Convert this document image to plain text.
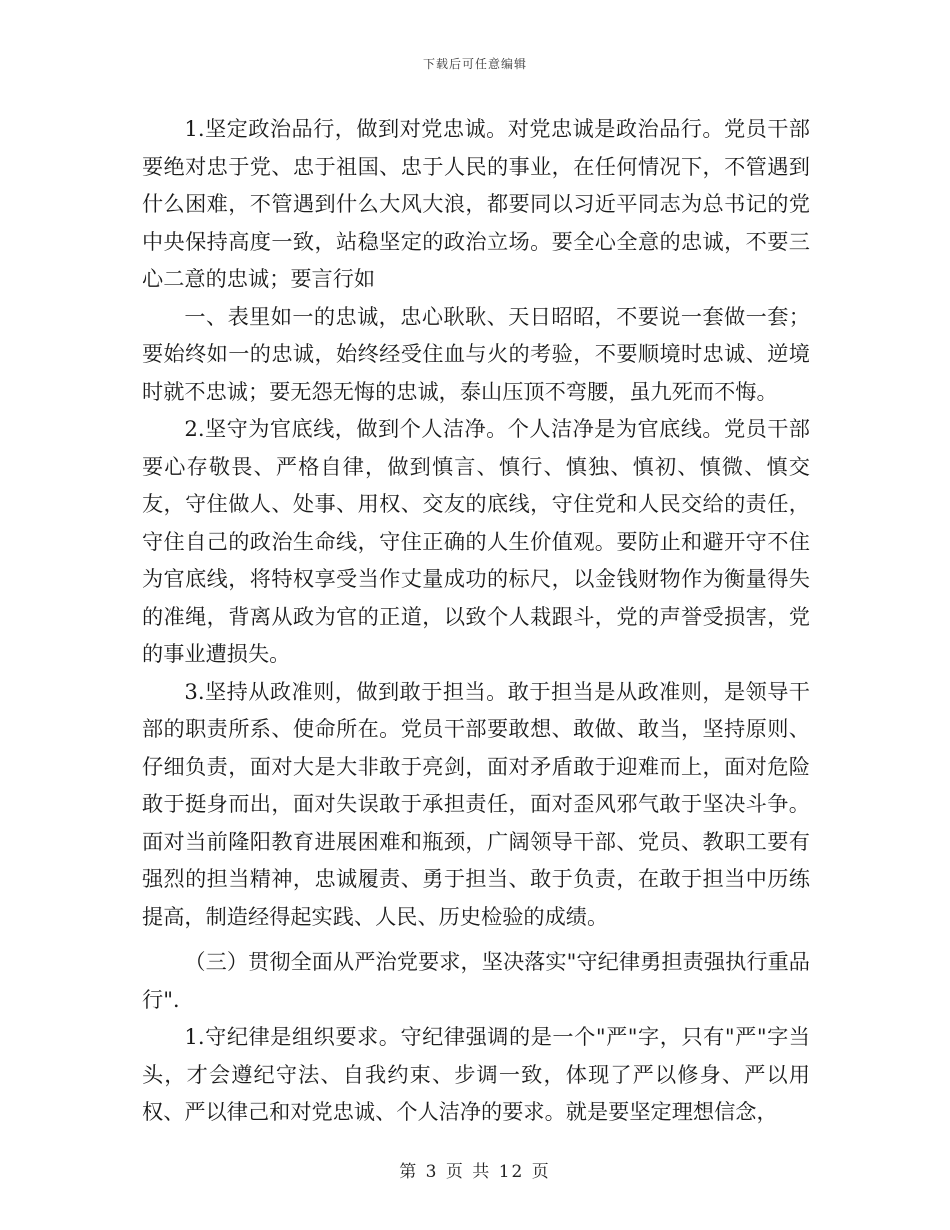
下载后可任意编辑

1.坚定政治品行，做到对党忠诚。对党忠诚是政治品行。党员干部要绝对忠于党、忠于祖国、忠于人民的事业，在任何情况下，不管遇到什么困难，不管遇到什么大风大浪，都要同以习近平同志为总书记的党中央保持高度一致，站稳坚定的政治立场。要全心全意的忠诚，不要三心二意的忠诚；要言行如

一、表里如一的忠诚，忠心耿耿、天日昭昭，不要说一套做一套；要始终如一的忠诚，始终经受住血与火的考验，不要顺境时忠诚、逆境时就不忠诚；要无怨无悔的忠诚，泰山压顶不弯腰，虽九死而不悔。

2.坚守为官底线，做到个人洁净。个人洁净是为官底线。党员干部要心存敬畏、严格自律，做到慎言、慎行、慎独、慎初、慎微、慎交友，守住做人、处事、用权、交友的底线，守住党和人民交给的责任，守住自己的政治生命线，守住正确的人生价值观。要防止和避开守不住为官底线，将特权享受当作丈量成功的标尺，以金钱财物作为衡量得失的准绳，背离从政为官的正道，以致个人栽跟斗，党的声誉受损害，党的事业遭损失。

3.坚持从政准则，做到敢于担当。敢于担当是从政准则，是领导干部的职责所系、使命所在。党员干部要敢想、敢做、敢当，坚持原则、仔细负责，面对大是大非敢于亮剑，面对矛盾敢于迎难而上，面对危险敢于挺身而出，面对失误敢于承担责任，面对歪风邪气敢于坚决斗争。面对当前隆阳教育进展困难和瓶颈，广阔领导干部、党员、教职工要有强烈的担当精神，忠诚履责、勇于担当、敢于负责，在敢于担当中历练提高，制造经得起实践、人民、历史检验的成绩。

（三）贯彻全面从严治党要求，坚决落实"守纪律勇担责强执行重品行".

1.守纪律是组织要求。守纪律强调的是一个"严"字，只有"严"字当头，才会遵纪守法、自我约束、步调一致，体现了严以修身、严以用权、严以律己和对党忠诚、个人洁净的要求。就是要坚定理想信念，

第 3 页 共 12 页
